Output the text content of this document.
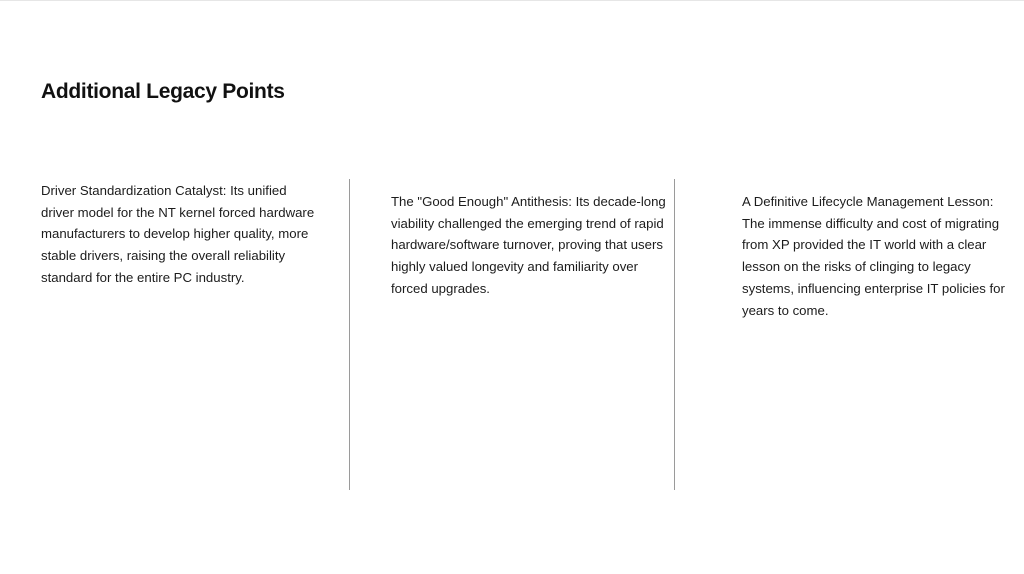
Additional Legacy Points

Driver Standardization Catalyst: Its unified driver model for the NT kernel forced hardware manufacturers to develop higher quality, more stable drivers, raising the overall reliability standard for the entire PC industry.

The "Good Enough" Antithesis: Its decade-long viability challenged the emerging trend of rapid hardware/software turnover, proving that users highly valued longevity and familiarity over forced upgrades.

A Definitive Lifecycle Management Lesson: The immense difficulty and cost of migrating from XP provided the IT world with a clear lesson on the risks of clinging to legacy systems, influencing enterprise IT policies for years to come.
